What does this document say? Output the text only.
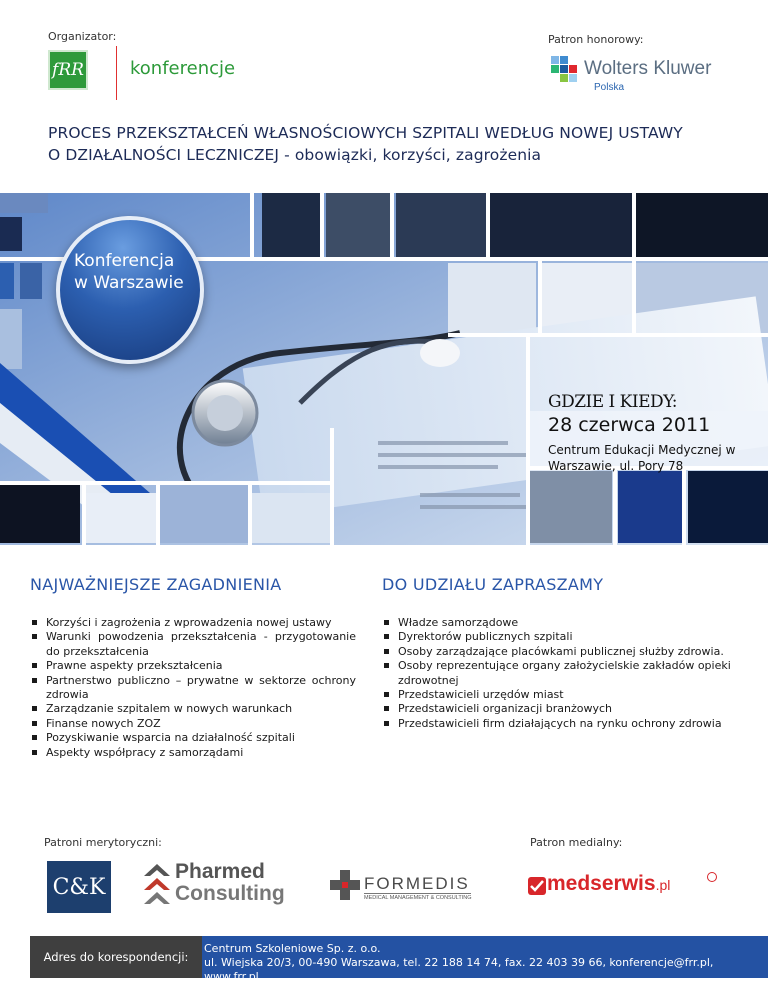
Organizator:
fRR	konferencje
Patron honorowy:
Wolters Kluwer
Polska
PROCES PRZEKSZTAŁCEŃ WŁASNOŚCIOWYCH SZPITALI WEDŁUG NOWEJ USTAWY
O DZIAŁALNOŚCI LECZNICZEJ - obowiązki, korzyści, zagrożenia
Konferencja
w Warszawie
GDZIE I KIEDY:
28 czerwca 2011
Centrum Edukacji Medycznej w
Warszawie, ul. Pory 78
NAJWAŻNIEJSZE ZAGADNIENIA	DO UDZIAŁU ZAPRASZAMY
Korzyści i zagrożenia z wprowadzenia nowej ustawy
Warunki powodzenia przekształcenia - przygotowanie do przekształcenia
Prawne aspekty przekształcenia
Partnerstwo publiczno – prywatne w sektorze ochrony zdrowia
Zarządzanie szpitalem w nowych warunkach
Finanse nowych ZOZ
Pozyskiwanie wsparcia na działalność szpitali
Aspekty współpracy z samorządami
Władze samorządowe
Dyrektorów publicznych szpitali
Osoby zarządzające placówkami publicznej służby zdrowia.
Osoby reprezentujące organy założycielskie zakładów opieki zdrowotnej
Przedstawicieli urzędów miast
Przedstawicieli organizacji branżowych
Przedstawicieli firm działających na rynku ochrony zdrowia
Patroni merytoryczni:	Patron medialny:
C&K
Pharmed
Consulting	FORMEDIS
MEDICAL MANAGEMENT & CONSULTING
medserwis.pl
Adres do korespondencji:
Centrum Szkoleniowe Sp. z. o.o.
ul. Wiejska 20/3, 00-490 Warszawa, tel. 22 188 14 74, fax. 22 403 39 66, konferencje@frr.pl, www.frr.pl
